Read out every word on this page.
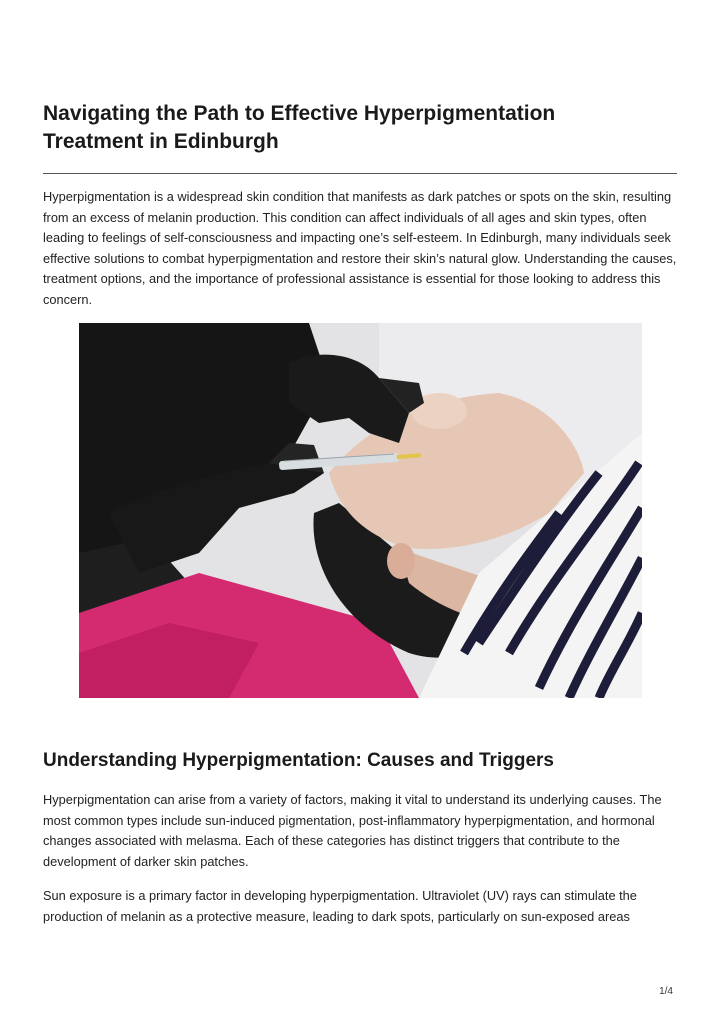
Navigating the Path to Effective Hyperpigmentation Treatment in Edinburgh

Hyperpigmentation is a widespread skin condition that manifests as dark patches or spots on the skin, resulting from an excess of melanin production. This condition can affect individuals of all ages and skin types, often leading to feelings of self-consciousness and impacting one’s self-esteem. In Edinburgh, many individuals seek effective solutions to combat hyperpigmentation and restore their skin’s natural glow. Understanding the causes, treatment options, and the importance of professional assistance is essential for those looking to address this concern.

Understanding Hyperpigmentation: Causes and Triggers

Hyperpigmentation can arise from a variety of factors, making it vital to understand its underlying causes. The most common types include sun-induced pigmentation, post-inflammatory hyperpigmentation, and hormonal changes associated with melasma. Each of these categories has distinct triggers that contribute to the development of darker skin patches.

Sun exposure is a primary factor in developing hyperpigmentation. Ultraviolet (UV) rays can stimulate the production of melanin as a protective measure, leading to dark spots, particularly on sun-exposed areas

1/4
